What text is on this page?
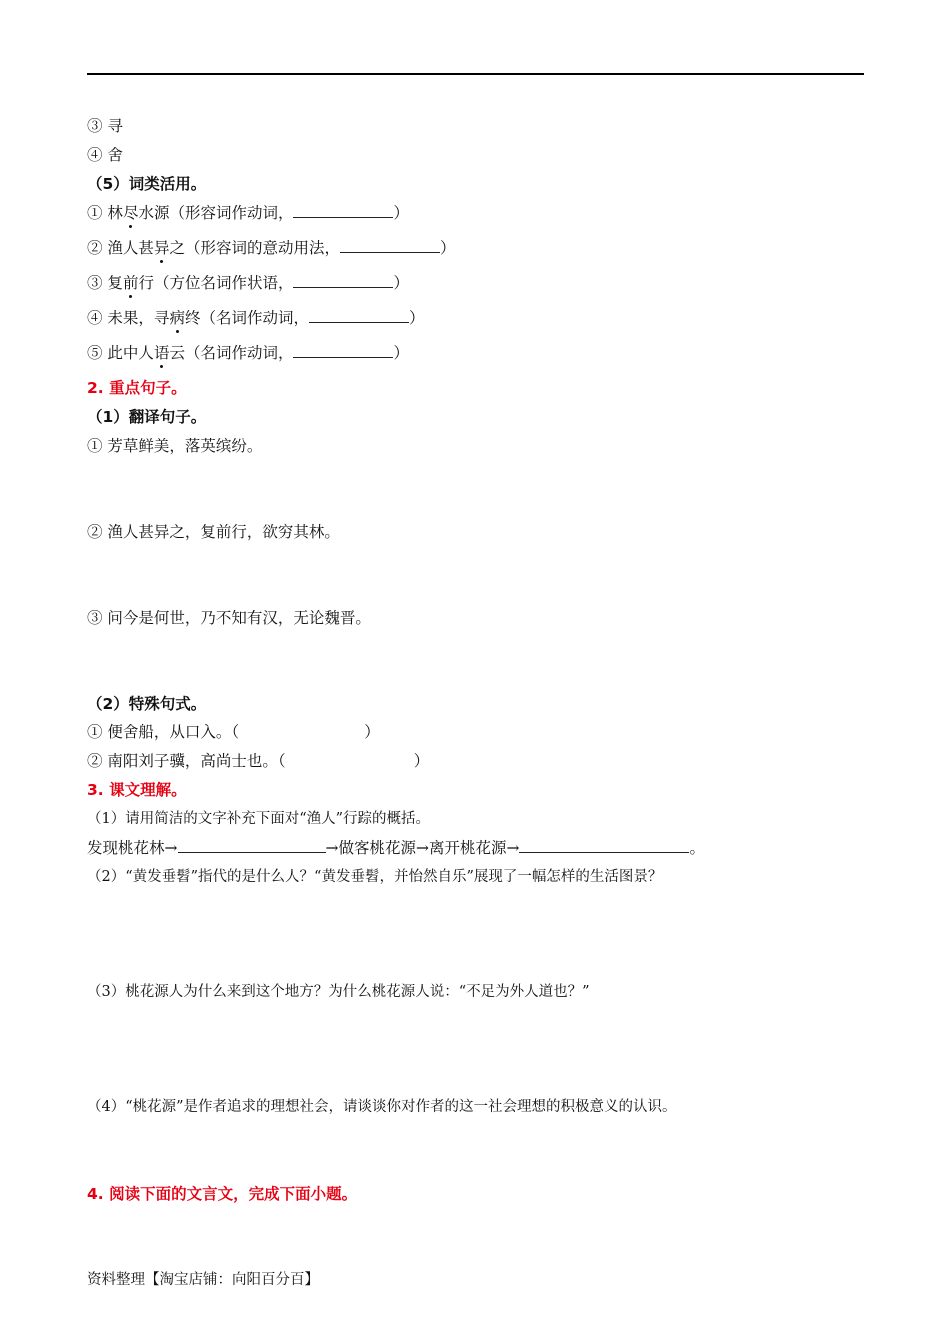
③ 寻
④ 舍
（5）词类活用。
① 林尽水源（形容词作动词，	）
② 渔人甚异之（形容词的意动用法，	）
③ 复前行（方位名词作状语，	）
④ 未果，寻病终（名词作动词，	）
⑤ 此中人语云（名词作动词，	）
2. 重点句子。
（1）翻译句子。
① 芳草鲜美，落英缤纷。
② 渔人甚异之，复前行，欲穷其林。
③ 问今是何世，乃不知有汉，无论魏晋。
（2）特殊句式。
① 便舍船，从口入。（	）
② 南阳刘子骥，高尚士也。（	）
3. 课文理解。
（1）请用简洁的文字补充下面对“渔人”行踪的概括。
发现桃花林→	→做客桃花源→离开桃花源→	。
（2）“黄发垂髫”指代的是什么人？“黄发垂髫，并怡然自乐”展现了一幅怎样的生活图景？
（3）桃花源人为什么来到这个地方？为什么桃花源人说：“不足为外人道也？”
（4）“桃花源”是作者追求的理想社会，请谈谈你对作者的这一社会理想的积极意义的认识。
4. 阅读下面的文言文，完成下面小题。
资料整理【淘宝店铺：向阳百分百】
